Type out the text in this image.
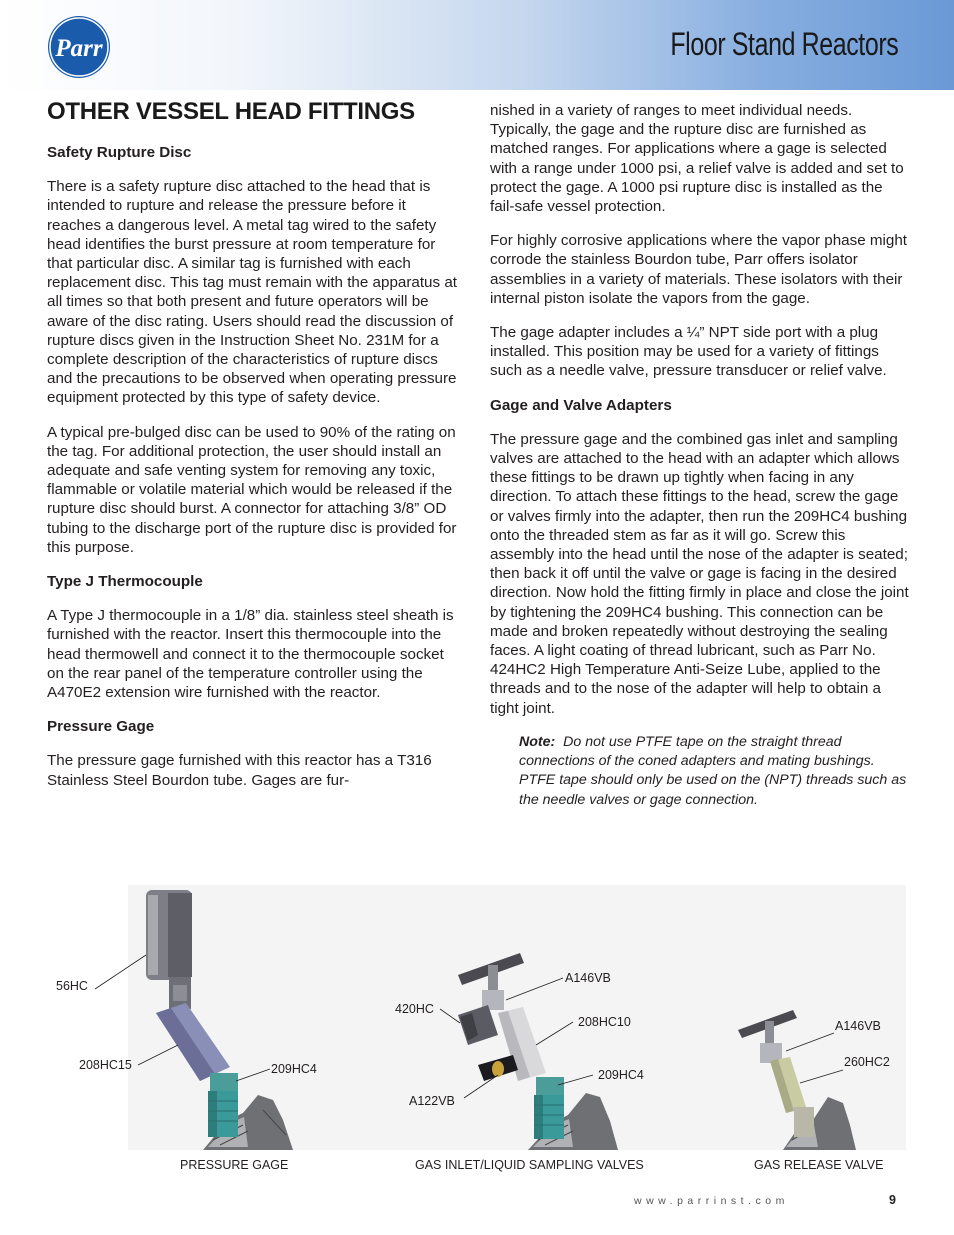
Parr	Floor Stand Reactors
OTHER VESSEL HEAD FITTINGS
Safety Rupture Disc

There is a safety rupture disc attached to the head that is intended to rupture and release the pressure before it reaches a dangerous level. A metal tag wired to the safety head identifies the burst pressure at room temperature for that particular disc. A similar tag is furnished with each replacement disc. This tag must remain with the apparatus at all times so that both present and future operators will be aware of the disc rating. Users should read the discussion of rupture discs given in the Instruction Sheet No. 231M for a complete description of the characteristics of rupture discs and the precautions to be observed when operating pressure equipment protected by this type of safety device.

A typical pre-bulged disc can be used to 90% of the rating on the tag. For additional protection, the user should install an adequate and safe venting system for removing any toxic, flammable or volatile material which would be released if the rupture disc should burst. A connector for attaching 3/8” OD tubing to the discharge port of the rupture disc is provided for this purpose.

Type J Thermocouple

A Type J thermocouple in a 1/8” dia. stainless steel sheath is furnished with the reactor. Insert this thermocouple into the head thermowell and connect it to the thermocouple socket on the rear panel of the temperature controller using the A470E2 extension wire furnished with the reactor.

Pressure Gage

The pressure gage furnished with this reactor has a T316 Stainless Steel Bourdon tube. Gages are fur-

nished in a variety of ranges to meet individual needs. Typically, the gage and the rupture disc are furnished as matched ranges. For applications where a gage is selected with a range under 1000 psi, a relief valve is added and set to protect the gage. A 1000 psi rupture disc is installed as the fail-safe vessel protection.

For highly corrosive applications where the vapor phase might corrode the stainless Bourdon tube, Parr offers isolator assemblies in a variety of materials. These isolators with their internal piston isolate the vapors from the gage.

The gage adapter includes a ¼” NPT side port with a plug installed. This position may be used for a variety of fittings such as a needle valve, pressure transducer or relief valve.

Gage and Valve Adapters

The pressure gage and the combined gas inlet and sampling valves are attached to the head with an adapter which allows these fittings to be drawn up tightly when facing in any direction. To attach these fittings to the head, screw the gage or valves firmly into the adapter, then run the 209HC4 bushing onto the threaded stem as far as it will go. Screw this assembly into the head until the nose of the adapter is seated; then back it off until the valve or gage is facing in the desired direction. Now hold the fitting firmly in place and close the joint by tightening the 209HC4 bushing. This connection can be made and broken repeatedly without destroying the sealing faces. A light coating of thread lubricant, such as Parr No. 424HC2 High Temperature Anti-Seize Lube, applied to the threads and to the nose of the adapter will help to obtain a tight joint.

Note: Do not use PTFE tape on the straight thread connections of the coned adapters and mating bushings. PTFE tape should only be used on the (NPT) threads such as the needle valves or gage connection.

56HC
208HC15	209HC4
420HC
A146VB
208HC10
209HC4
A122VB
A146VB
260HC2
PRESSURE GAGE	GAS INLET/LIQUID SAMPLING VALVES	GAS RELEASE VALVE
www.parrinst.com	9
